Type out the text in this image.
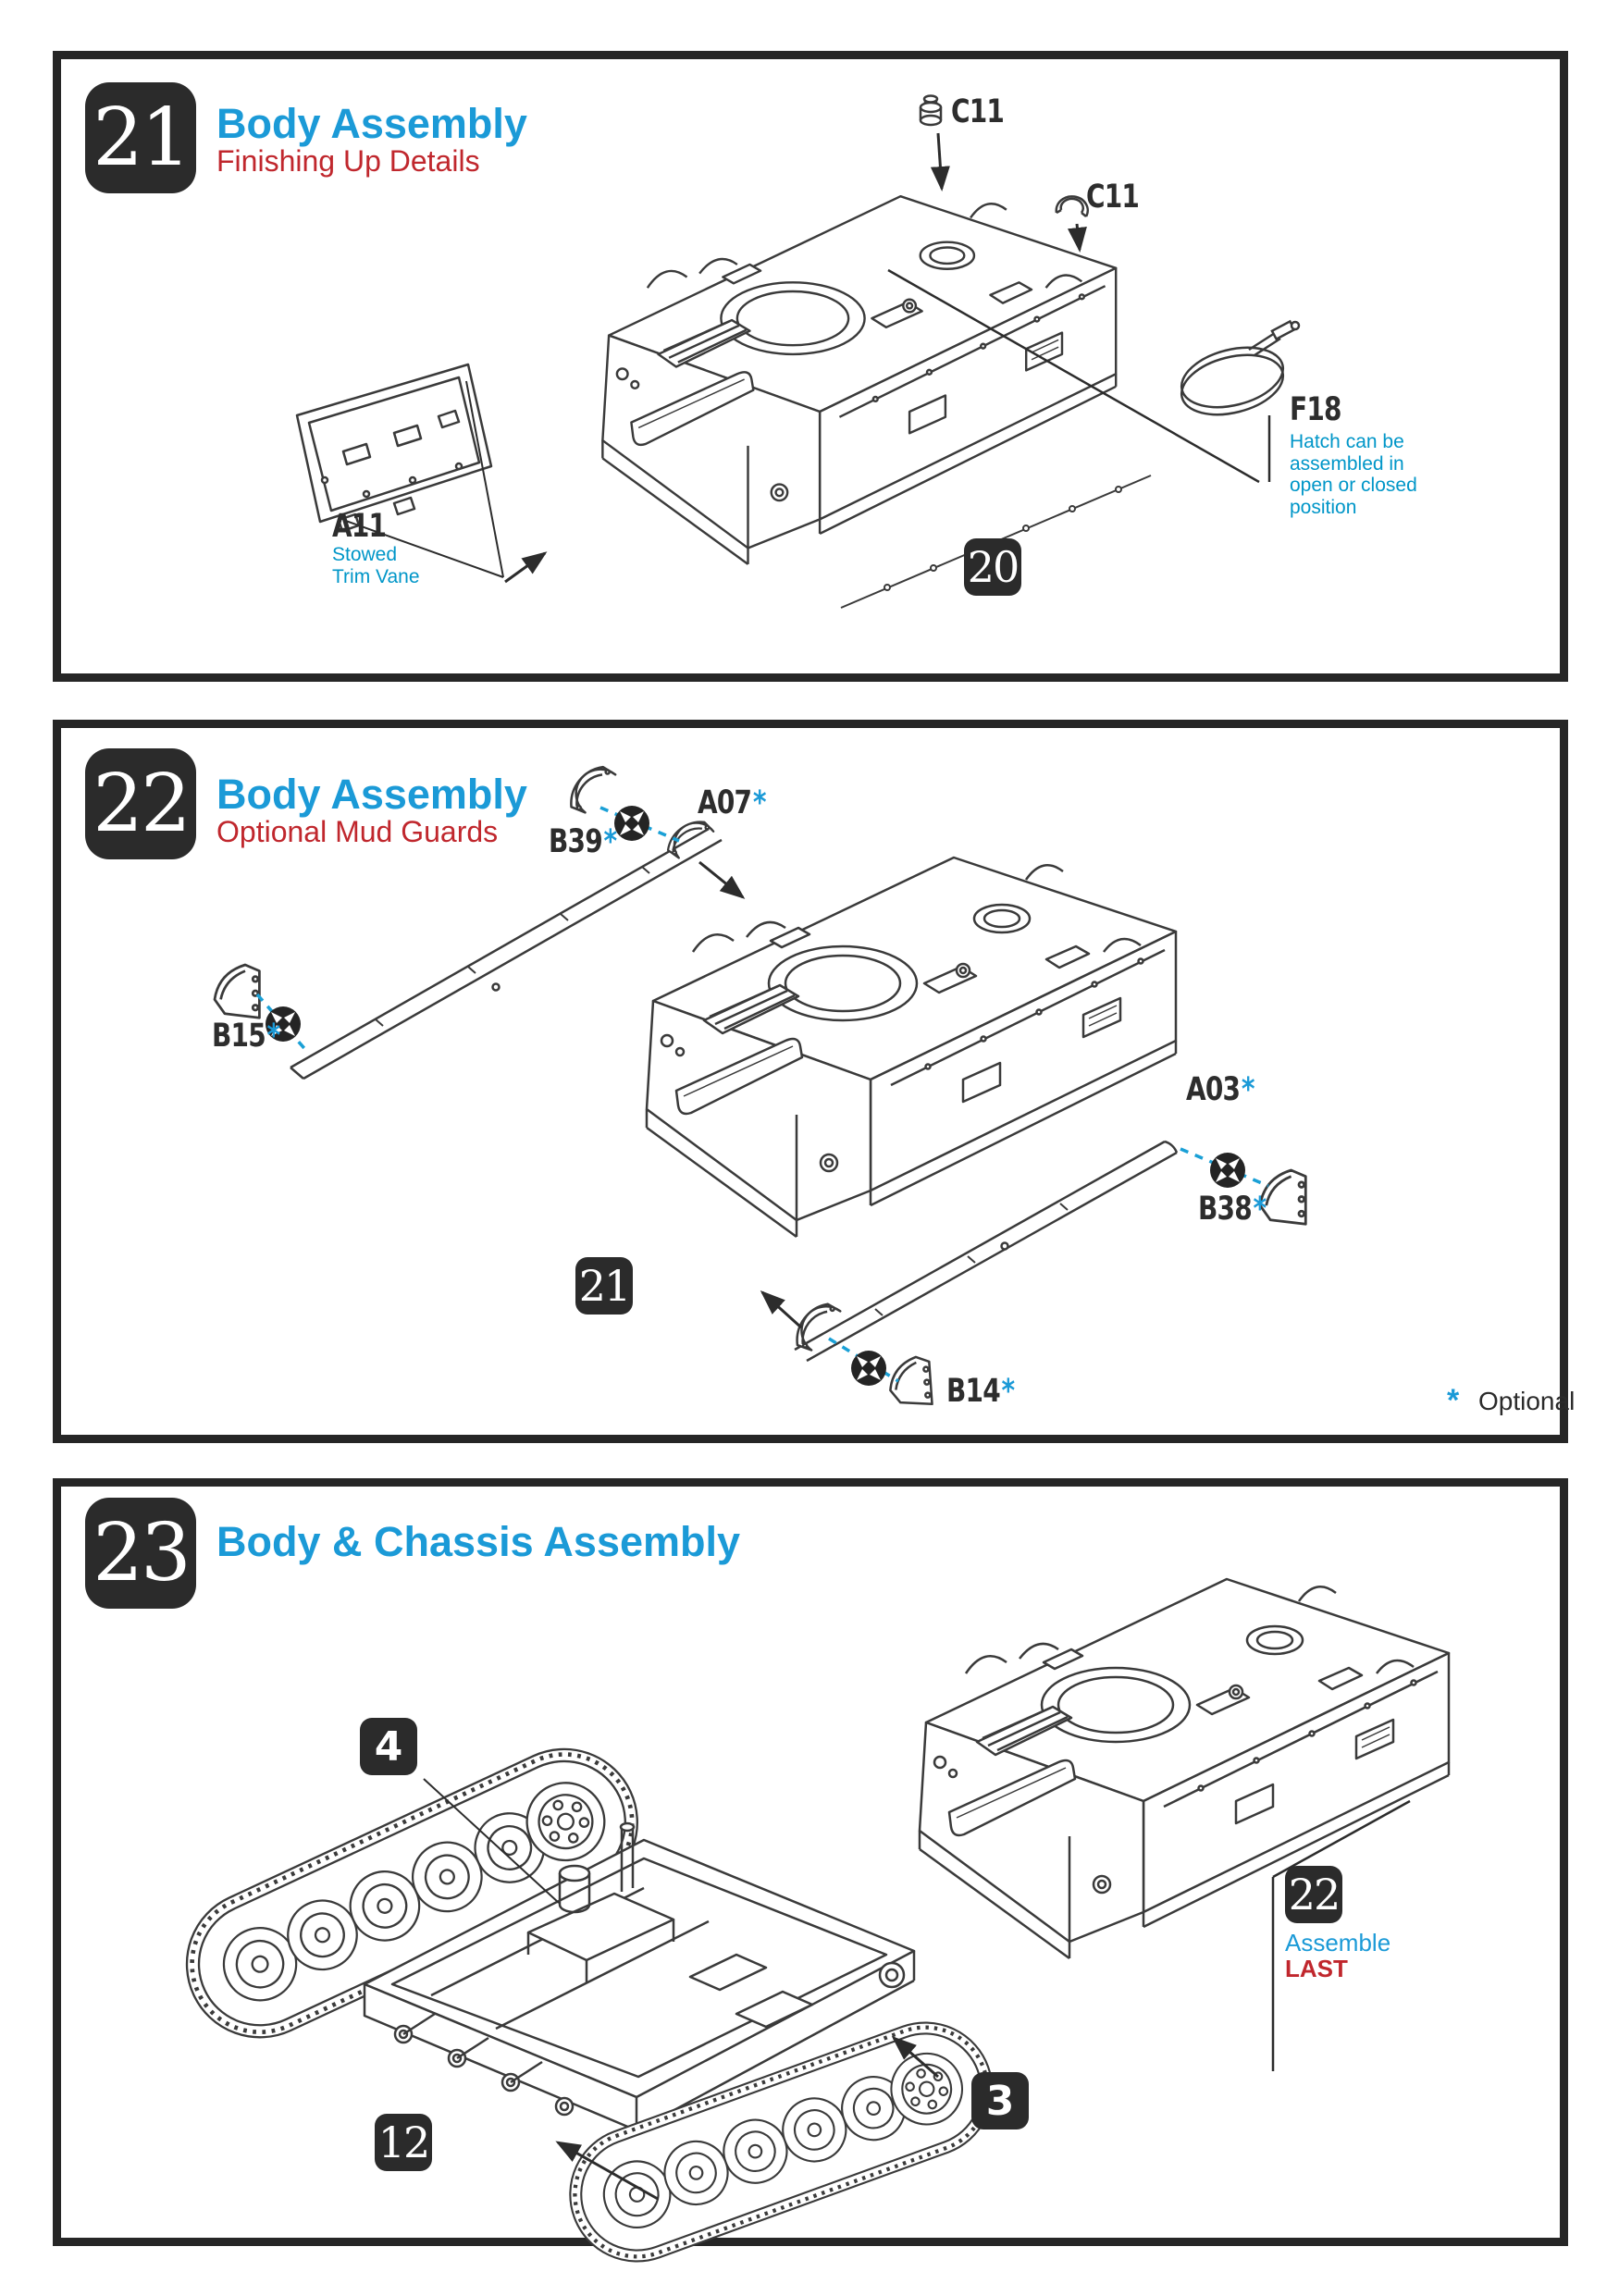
21 Body Assembly
Finishing Up Details
C11
C11
F18
Hatch can be assembled in open or closed position
A11
Stowed Trim Vane	20
22 Body Assembly
Optional Mud Guards B39*
A07*
B15*
A03*
B38*
B14*
21
* Optional
23 Body & Chassis Assembly
4
3
12
22
Assemble
LAST
